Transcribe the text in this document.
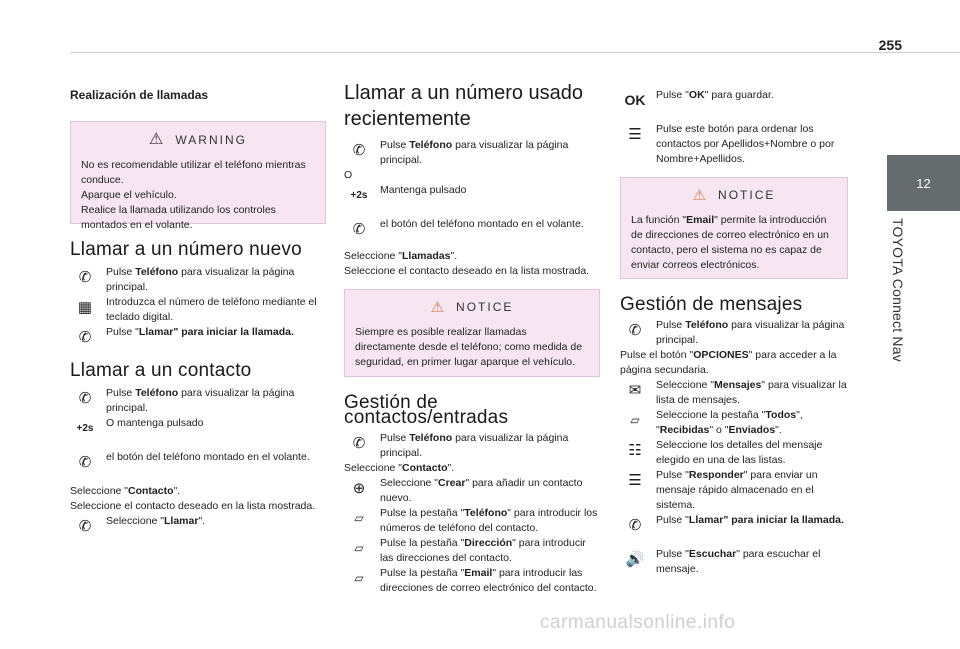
255
12
TOYOTA Connect Nav

Realización de llamadas

⚠ WARNING

No es recomendable utilizar el teléfono mientras conduce.
Aparque el vehículo.
Realice la llamada utilizando los controles montados en el volante.

Llamar a un número nuevo

✆	Pulse Teléfono para visualizar la página principal.

▦	Introduzca el número de teléfono mediante el teclado digital.

✆	Pulse "Llamar" para iniciar la llamada.

Llamar a un contacto

✆	Pulse Teléfono para visualizar la página principal.

+2s	O mantenga pulsado

✆	el botón del teléfono montado en el volante.

Seleccione "Contacto".

Seleccione el contacto deseado en la lista mostrada.

✆	Seleccione "Llamar".

Llamar a un número usado recientemente

✆	Pulse Teléfono para visualizar la página principal.

O

+2s	Mantenga pulsado

✆	el botón del teléfono montado en el volante.

Seleccione "Llamadas".

Seleccione el contacto deseado en la lista mostrada.

⚠ NOTICE

Siempre es posible realizar llamadas directamente desde el teléfono; como medida de seguridad, en primer lugar aparque el vehículo.

Gestión de contactos/entradas

✆	Pulse Teléfono para visualizar la página principal.

Seleccione "Contacto".

⊕	Seleccione "Crear" para añadir un contacto nuevo.

⏥	Pulse la pestaña "Teléfono" para introducir los números de teléfono del contacto.

⏥	Pulse la pestaña "Dirección" para introducir las direcciones del contacto.

⏥	Pulse la pestaña "Email" para introducir las direcciones de correo electrónico del contacto.

OK	Pulse "OK" para guardar.

☰	Pulse este botón para ordenar los contactos por Apellidos+Nombre o por Nombre+Apellidos.

⚠ NOTICE

La función "Email" permite la introducción de direcciones de correo electrónico en un contacto, pero el sistema no es capaz de enviar correos electrónicos.

Gestión de mensajes

✆	Pulse Teléfono para visualizar la página principal.

Pulse el botón "OPCIONES" para acceder a la página secundaria.

✉	Seleccione "Mensajes" para visualizar la lista de mensajes.

⏥	Seleccione la pestaña "Todos", "Recibidas" o "Enviados".

☷	Seleccione los detalles del mensaje elegido en una de las listas.

☰	Pulse "Responder" para enviar un mensaje rápido almacenado en el sistema.

✆	Pulse "Llamar" para iniciar la llamada.

🔊	Pulse "Escuchar" para escuchar el mensaje.

carmanualsonline.info
